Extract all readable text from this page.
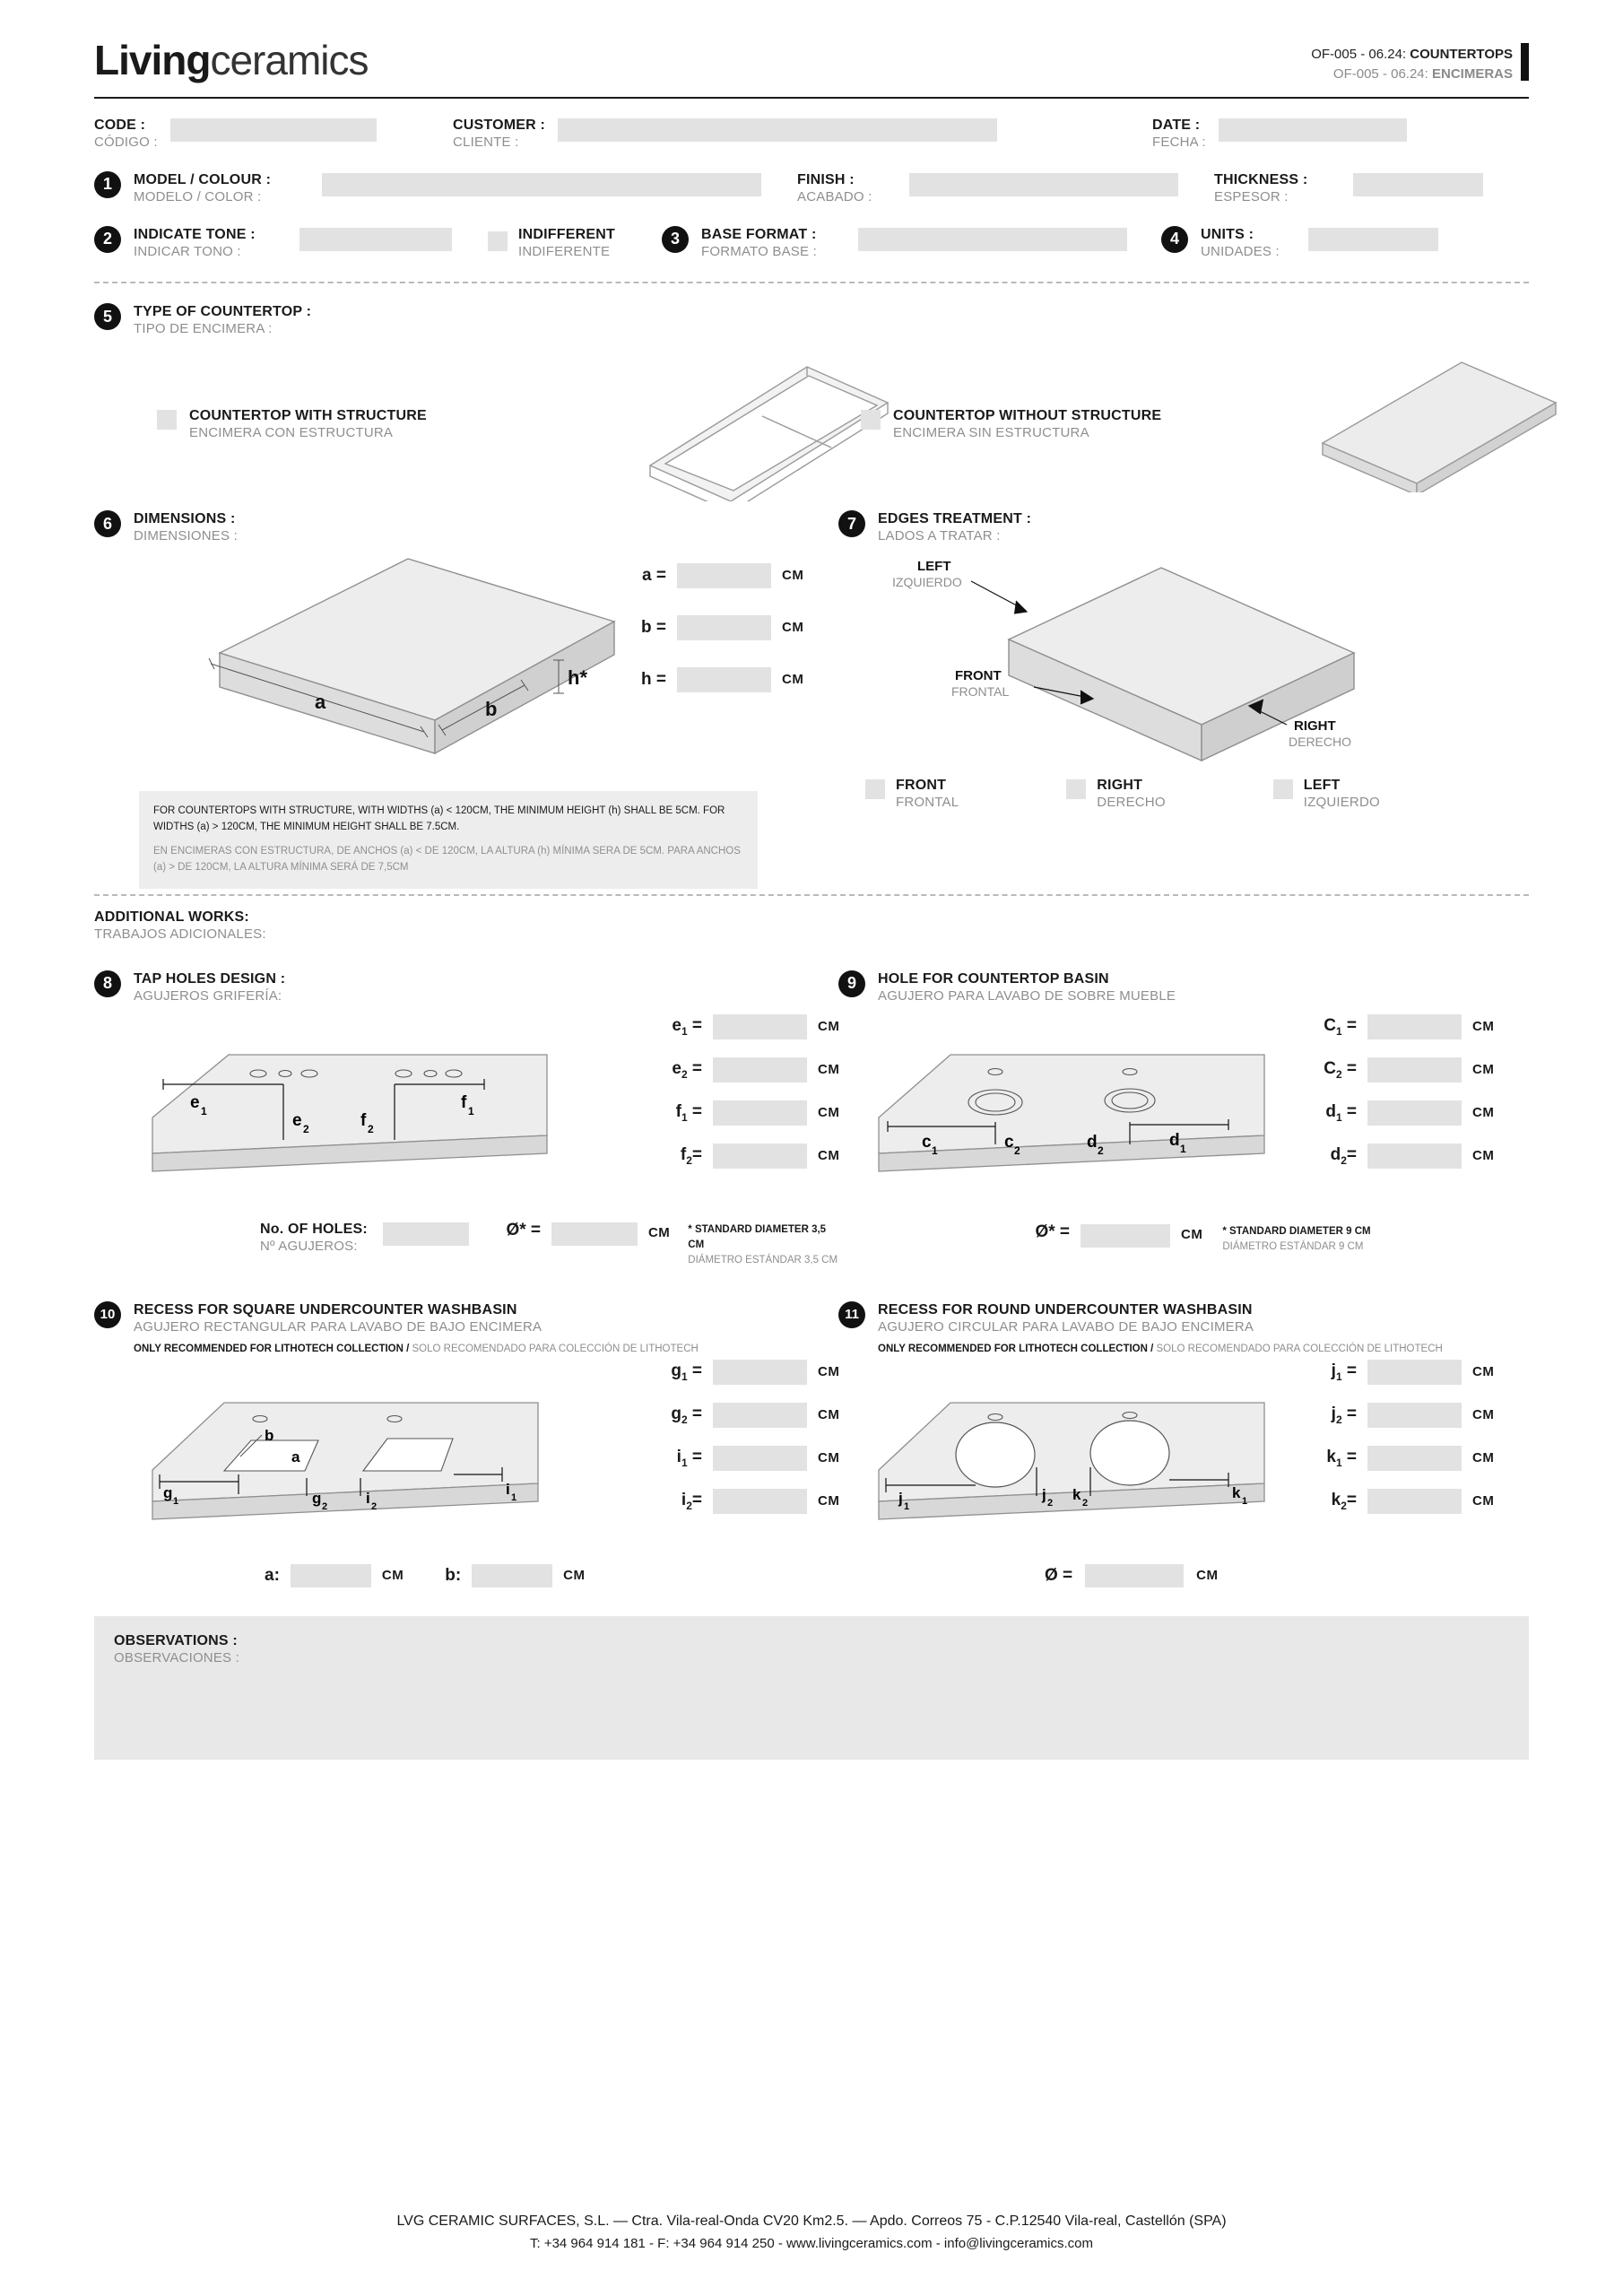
Livingceramics	OF-005 - 06.24: COUNTERTOPS
OF-005 - 06.24: ENCIMERAS
CODE :
CÓDIGO :
CUSTOMER :
CLIENTE :
DATE :
FECHA :
1	MODEL / COLOUR :
MODELO / COLOR :
FINISH :
ACABADO :
THICKNESS :
ESPESOR :
2	INDICATE TONE :
INDICAR TONO :
INDIFFERENT
INDIFERENTE
3	BASE FORMAT :
FORMATO BASE :
4	UNITS :
UNIDADES :
5	TYPE OF COUNTERTOP :
TIPO DE ENCIMERA :
COUNTERTOP WITH STRUCTURE
ENCIMERA CON ESTRUCTURA
COUNTERTOP WITHOUT STRUCTURE
ENCIMERA SIN ESTRUCTURA
6	DIMENSIONS :
DIMENSIONES :
a	b
h*
a =	CM
b =	CM
h =	CM
FOR COUNTERTOPS WITH STRUCTURE, WITH WIDTHS (a) < 120CM, THE MINIMUM HEIGHT (h) SHALL BE 5CM. FOR WIDTHS (a) > 120CM, THE MINIMUM HEIGHT SHALL BE 7.5CM.
EN ENCIMERAS CON ESTRUCTURA, DE ANCHOS (a) < DE 120CM, LA ALTURA (h) MÍNIMA SERA DE 5CM. PARA ANCHOS (a) > DE 120CM, LA ALTURA MÍNIMA SERÁ DE 7,5CM
7	EDGES TREATMENT :
LADOS A TRATAR :
LEFT
IZQUIERDO
FRONT
FRONTAL
RIGHT
DERECHO
FRONT
FRONTAL
RIGHT
DERECHO
LEFT
IZQUIERDO
ADDITIONAL WORKS:
TRABAJOS ADICIONALES:
8	TAP HOLES DESIGN :
AGUJEROS GRIFERÍA:
e 1	e 2	f 2
f 1
$e_1$ =	CM
$e_2$ =	CM
$f_1$ =	CM
$f_2=$	CM
No. OF HOLES:
Nº AGUJEROS:
Ø* =	CM * STANDARD DIAMETER 3,5 CM
DIÁMETRO ESTÁNDAR 3,5 CM
9	HOLE FOR COUNTERTOP BASIN
AGUJERO PARA LAVABO DE SOBRE MUEBLE
c 1	c 2	d 2
d 1
$C_1$ =	CM
$C_2$ =	CM
$d_1$ =	CM
$d_2=$	CM
Ø* =	CM * STANDARD DIAMETER 9 CM
DIÁMETRO ESTÁNDAR 9 CM
10	RECESS FOR SQUARE UNDERCOUNTER WASHBASIN
AGUJERO RECTANGULAR PARA LAVABO DE BAJO ENCIMERA
ONLY RECOMMENDED FOR LITHOTECH COLLECTION / SOLO RECOMENDADO PARA COLECCIÓN DE LITHOTECH
b
a
g 1	g 2	i 2
i 1
$g_1$ =	CM
$g_2$ =	CM
$i_1$ =	CM
$i_2=$	CM
a:	CM b:	CM
11	RECESS FOR ROUND UNDERCOUNTER WASHBASIN
AGUJERO CIRCULAR PARA LAVABO DE BAJO ENCIMERA
ONLY RECOMMENDED FOR LITHOTECH COLLECTION / SOLO RECOMENDADO PARA COLECCIÓN DE LITHOTECH
j 1
j 2 k 2
k 1
$j_1$ =	CM
$j_2$ =	CM
$k_1$ =	CM
$k_2=$	CM
Ø =	CM
OBSERVATIONS :
OBSERVACIONES :
LVG CERAMIC SURFACES, S.L. — Ctra. Vila-real-Onda CV20 Km2.5. — Apdo. Correos 75 - C.P.12540 Vila-real, Castellón (SPA)
T: +34 964 914 181 - F: +34 964 914 250 - www.livingceramics.com - info@livingceramics.com
